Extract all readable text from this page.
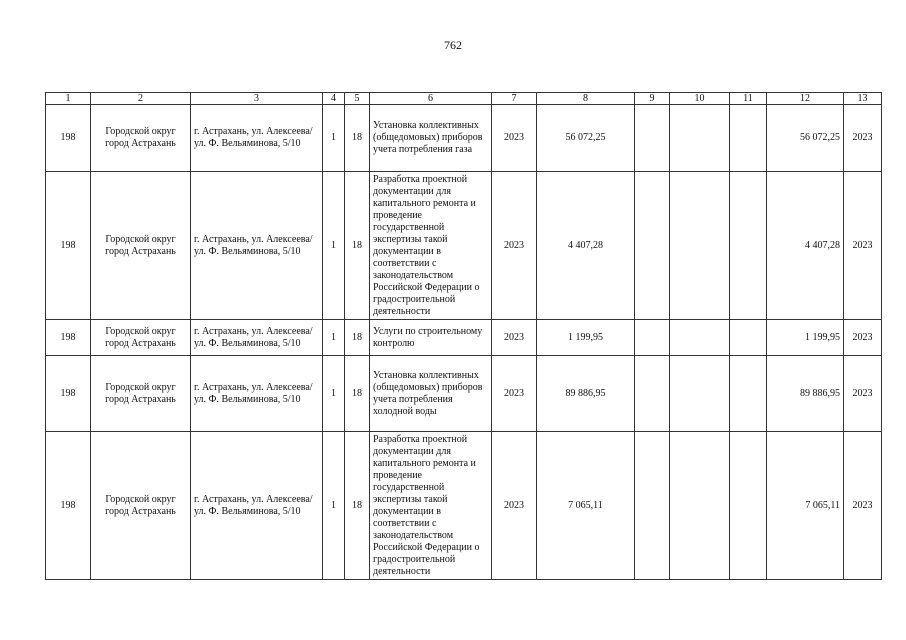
762
1	2	3	4	5	6	7	8	9	10	11	12	13
198	Городской округ город Астрахань	г. Астрахань, ул. Алексеева/ ул. Ф. Вельяминова, 5/10	1	18	Установка коллективных (общедомовых) приборов учета потребления газа	2023	56 072,25				56 072,25	2023
198	Городской округ город Астрахань	г. Астрахань, ул. Алексеева/ ул. Ф. Вельяминова, 5/10	1	18	Разработка проектной документации для капитального ремонта и проведение государственной экспертизы такой документации в соответствии с законодательством Российской Федерации о градостроительной деятельности	2023	4 407,28				4 407,28	2023
198	Городской округ город Астрахань	г. Астрахань, ул. Алексеева/ ул. Ф. Вельяминова, 5/10	1	18	Услуги по строительному контролю	2023	1 199,95				1 199,95	2023
198	Городской округ город Астрахань	г. Астрахань, ул. Алексеева/ ул. Ф. Вельяминова, 5/10	1	18	Установка коллективных (общедомовых) приборов учета потребления холодной воды	2023	89 886,95				89 886,95	2023
198	Городской округ город Астрахань	г. Астрахань, ул. Алексеева/ ул. Ф. Вельяминова, 5/10	1	18	Разработка проектной документации для капитального ремонта и проведение государственной экспертизы такой документации в соответствии с законодательством Российской Федерации о градостроительной деятельности	2023	7 065,11				7 065,11	2023
